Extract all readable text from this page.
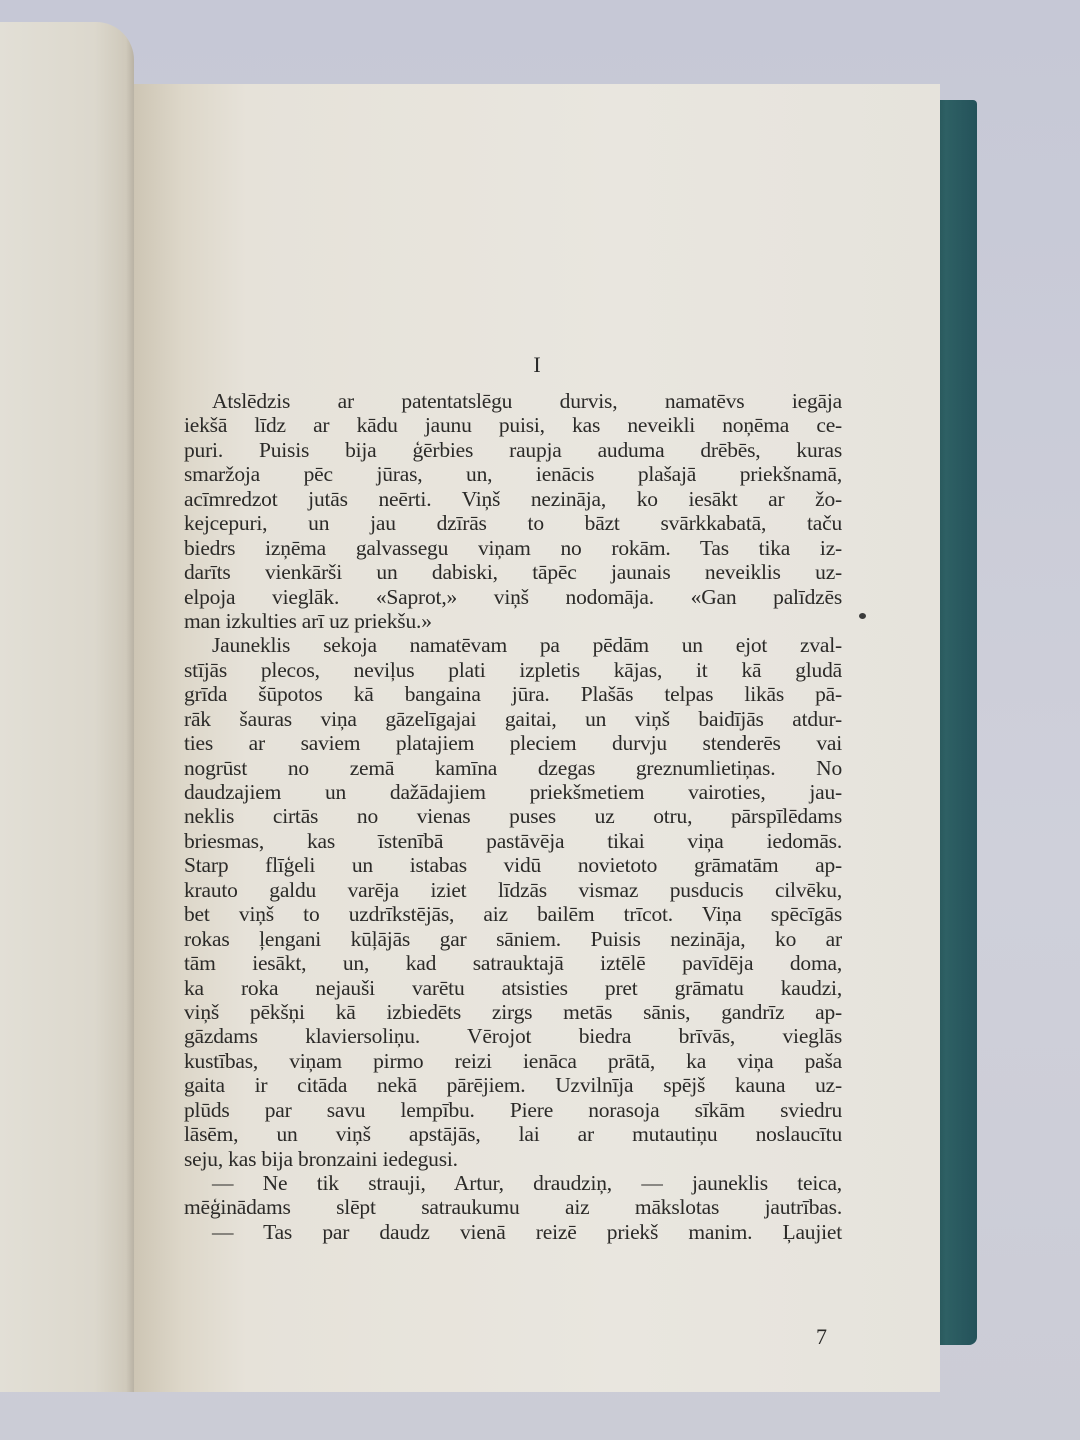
I
Atslēdzis ar patentatslēgu durvis, namatēvs iegāja
iekšā līdz ar kādu jaunu puisi, kas neveikli noņēma ce-
puri. Puisis bija ģērbies raupja auduma drēbēs, kuras
smaržoja pēc jūras, un, ienācis plašajā priekšnamā,
acīmredzot jutās neērti. Viņš nezināja, ko iesākt ar žo-
kejcepuri, un jau dzīrās to bāzt svārkkabatā, taču
biedrs izņēma galvassegu viņam no rokām. Tas tika iz-
darīts vienkārši un dabiski, tāpēc jaunais neveiklis uz-
elpoja vieglāk. «Saprot,» viņš nodomāja. «Gan palīdzēs
man izkulties arī uz priekšu.»
Jauneklis sekoja namatēvam pa pēdām un ejot zval-
stījās plecos, neviļus plati izpletis kājas, it kā gludā
grīda šūpotos kā bangaina jūra. Plašās telpas likās pā-
rāk šauras viņa gāzelīgajai gaitai, un viņš baidījās atdur-
ties ar saviem platajiem pleciem durvju stenderēs vai
nogrūst no zemā kamīna dzegas greznumlietiņas. No
daudzajiem un dažādajiem priekšmetiem vairoties, jau-
neklis cirtās no vienas puses uz otru, pārspīlēdams
briesmas, kas īstenībā pastāvēja tikai viņa iedomās.
Starp flīģeli un istabas vidū novietoto grāmatām ap-
krauto galdu varēja iziet līdzās vismaz pusducis cilvēku,
bet viņš to uzdrīkstējās, aiz bailēm trīcot. Viņa spēcīgās
rokas ļengani kūļājās gar sāniem. Puisis nezināja, ko ar
tām iesākt, un, kad satrauktajā iztēlē pavīdēja doma,
ka roka nejauši varētu atsisties pret grāmatu kaudzi,
viņš pēkšņi kā izbiedēts zirgs metās sānis, gandrīz ap-
gāzdams klaviersoliņu. Vērojot biedra brīvās, vieglās
kustības, viņam pirmo reizi ienāca prātā, ka viņa paša
gaita ir citāda nekā pārējiem. Uzvilnīja spējš kauna uz-
plūds par savu lempību. Piere norasoja sīkām sviedru
lāsēm, un viņš apstājās, lai ar mutautiņu noslaucītu
seju, kas bija bronzaini iedegusi.
— Ne tik strauji, Artur, draudziņ, — jauneklis teica,
mēģinādams slēpt satraukumu aiz mākslotas jautrības.
— Tas par daudz vienā reizē priekš manim. Ļaujiet
7
